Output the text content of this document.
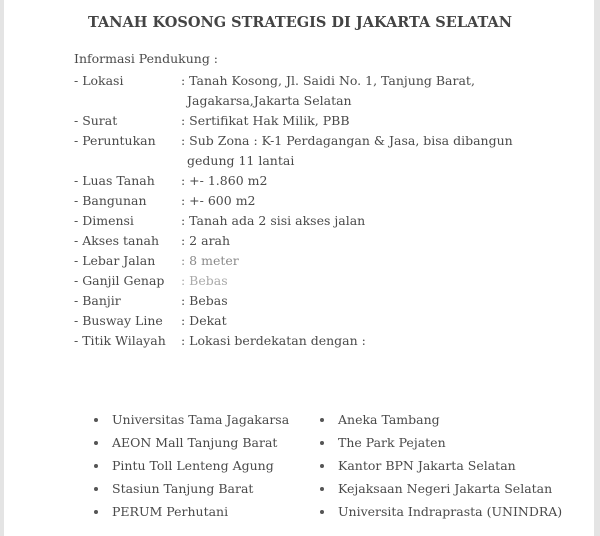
TANAH KOSONG STRATEGIS DI JAKARTA SELATAN
Informasi Pendukung :
- Lokasi	: Tanah Kosong, Jl. Saidi No. 1, Tanjung Barat, Jagakarsa,Jakarta Selatan
- Surat	: Sertifikat Hak Milik, PBB
- Peruntukan	: Sub Zona : K-1 Perdagangan & Jasa, bisa dibangun gedung 11 lantai
- Luas Tanah	: +- 1.860 m2
- Bangunan	: +- 600 m2
- Dimensi	: Tanah ada 2 sisi akses jalan
- Akses tanah	: 2 arah
- Lebar Jalan	: 8 meter
- Ganjil Genap	: Bebas
- Banjir	: Bebas
- Busway Line	: Dekat
- Titik Wilayah	: Lokasi berdekatan dengan :
Universitas Tama Jagakarsa
AEON Mall Tanjung Barat
Pintu Toll Lenteng Agung
Stasiun Tanjung Barat
PERUM Perhutani
Aneka Tambang
The Park Pejaten
Kantor BPN Jakarta Selatan
Kejaksaan Negeri Jakarta Selatan
Universita Indraprasta (UNINDRA)
